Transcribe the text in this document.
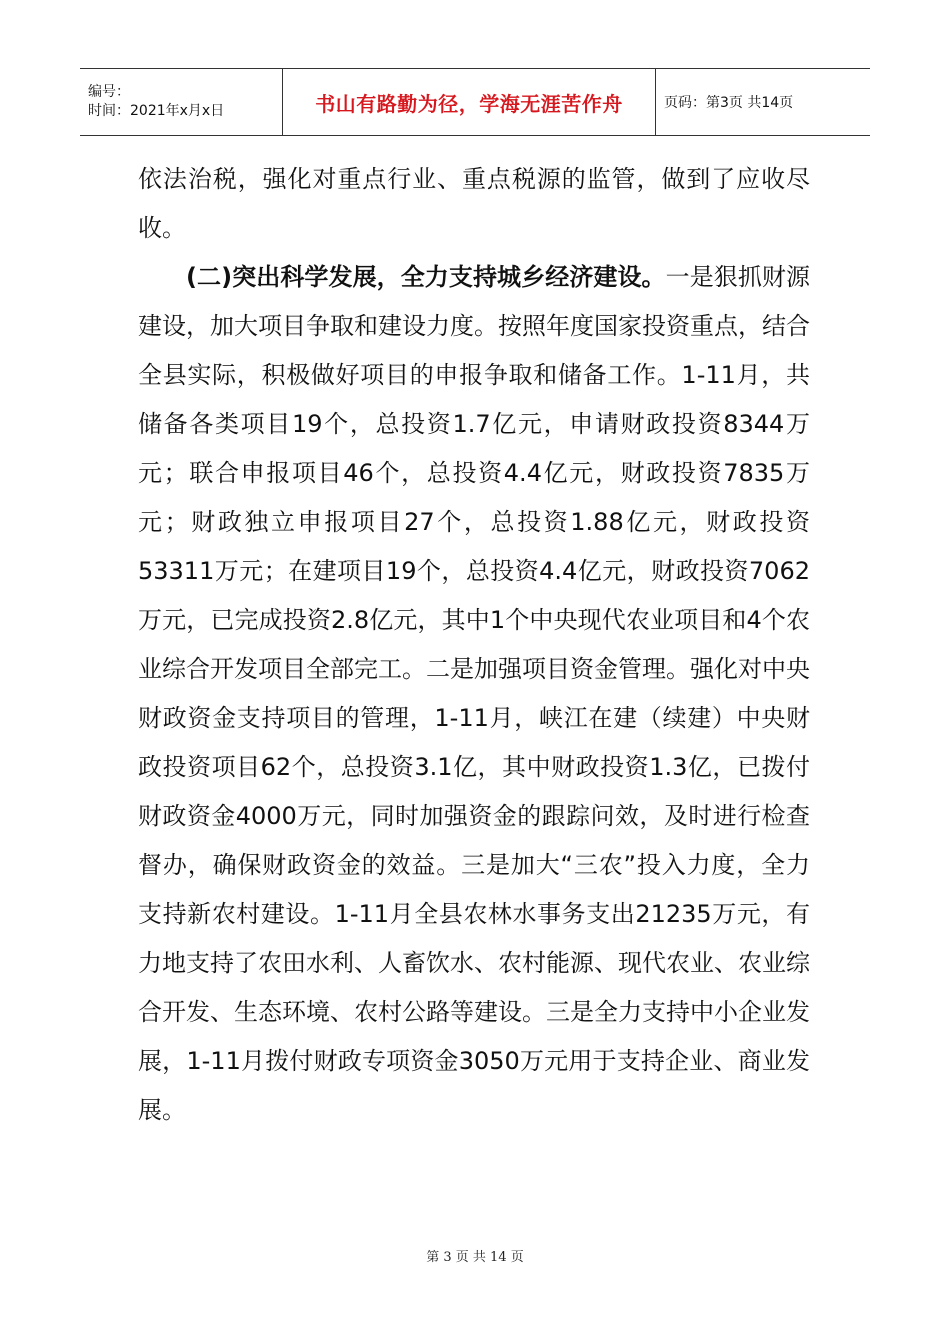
编号：
时间：2021年x月x日	书山有路勤为径，学海无涯苦作舟	页码：第3页 共14页

依法治税，强化对重点行业、重点税源的监管，做到了应收尽收。

(二)突出科学发展，全力支持城乡经济建设。一是狠抓财源建设，加大项目争取和建设力度。按照年度国家投资重点，结合全县实际，积极做好项目的申报争取和储备工作。1-11月，共储备各类项目19个，总投资1.7亿元，申请财政投资8344万元；联合申报项目46个，总投资4.4亿元，财政投资7835万元；财政独立申报项目27个，总投资1.88亿元，财政投资53311万元；在建项目19个，总投资4.4亿元，财政投资7062万元，已完成投资2.8亿元，其中1个中央现代农业项目和4个农业综合开发项目全部完工。二是加强项目资金管理。强化对中央财政资金支持项目的管理，1-11月，峡江在建（续建）中央财政投资项目62个，总投资3.1亿，其中财政投资1.3亿，已拨付财政资金4000万元，同时加强资金的跟踪问效，及时进行检查督办，确保财政资金的效益。三是加大“三农”投入力度，全力支持新农村建设。1-11月全县农林水事务支出21235万元，有力地支持了农田水利、人畜饮水、农村能源、现代农业、农业综合开发、生态环境、农村公路等建设。三是全力支持中小企业发展，1-11月拨付财政专项资金3050万元用于支持企业、商业发展。

第 3 页 共 14 页
